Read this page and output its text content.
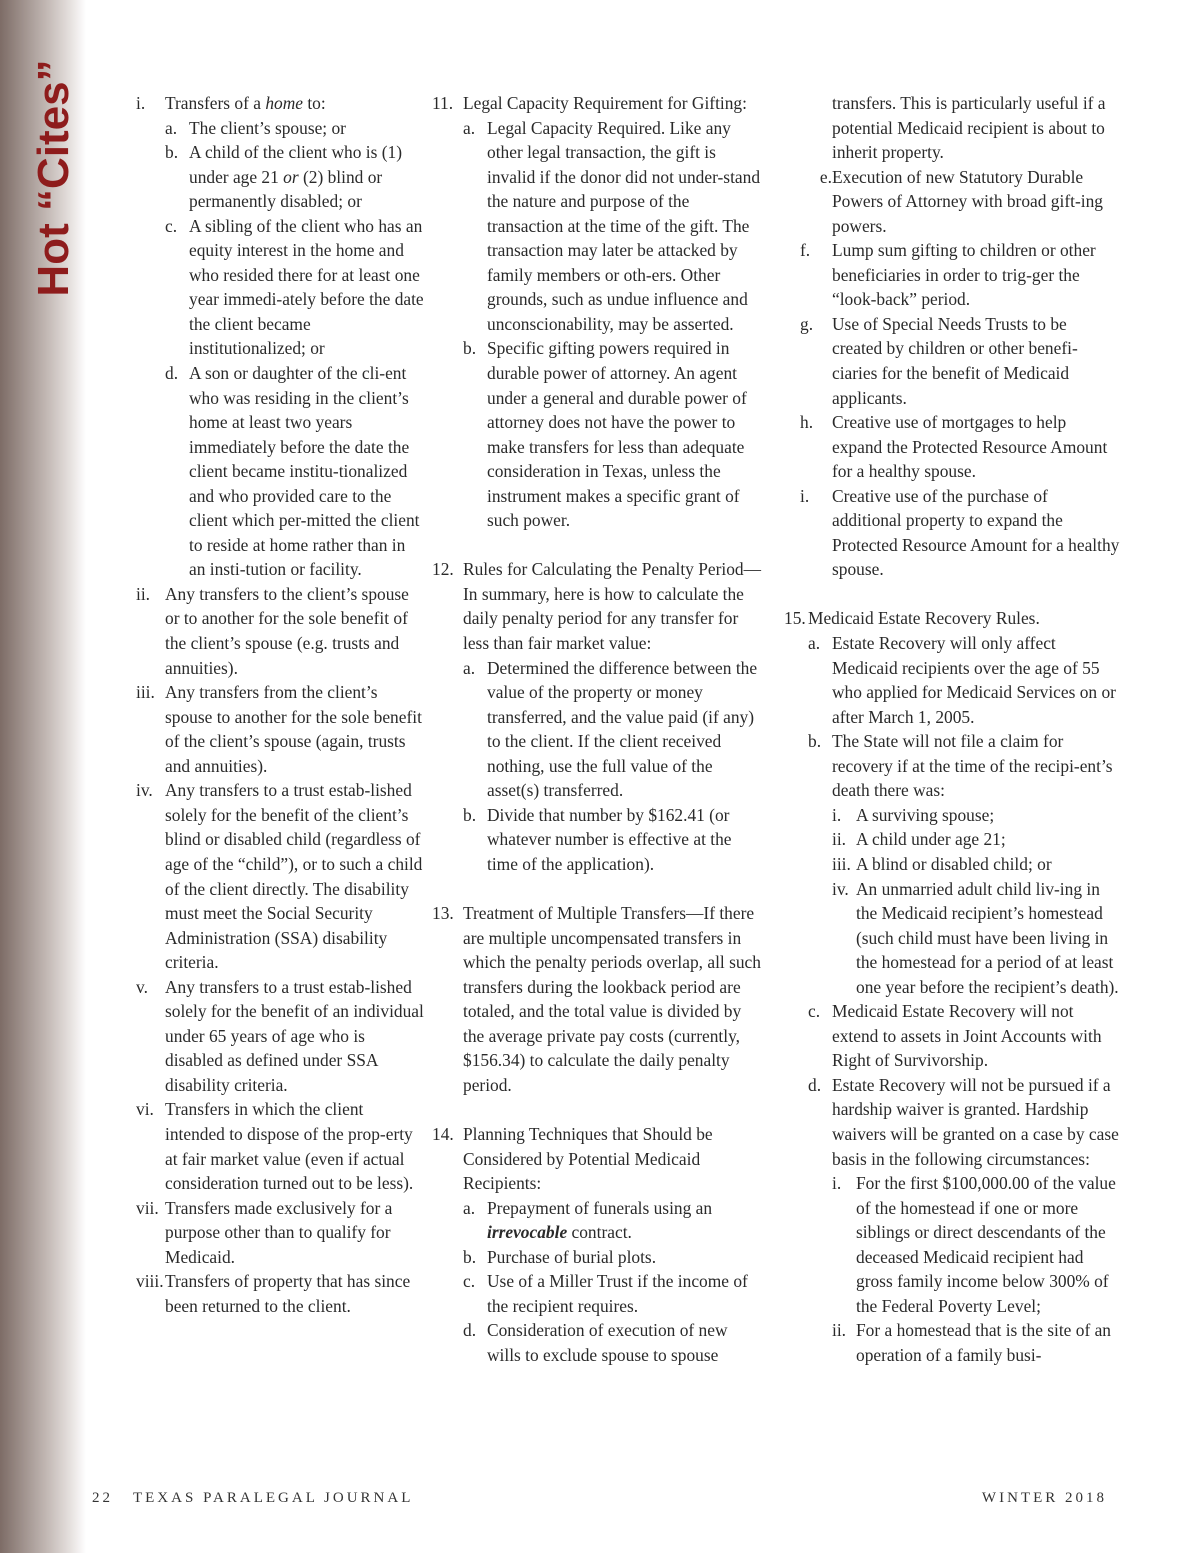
Hot “Cites”	i.	Transfers of a home to:
a. The client’s spouse; or
b. A child of the client who is (1) under age 21 or (2) blind or permanently disabled; or
c. A sibling of the client who has an equity interest in the home and who resided there for at least one year immedi-ately before the date the client became institutionalized; or
d. A son or daughter of the cli-ent who was residing in the client’s home at least two years immediately before the date the client became institu-tionalized and who provided care to the client which per-mitted the client to reside at home rather than in an insti-tution or facility.
ii. Any transfers to the client’s spouse or to another for the sole benefit of the client’s spouse (e.g. trusts and annuities).
iii. Any transfers from the client’s spouse to another for the sole benefit of the client’s spouse (again, trusts and annuities).
iv. Any transfers to a trust estab-lished solely for the benefit of the client’s blind or disabled child (regardless of age of the “child”), or to such a child of the client directly. The disability must meet the Social Security Administration (SSA) disability criteria.
v. Any transfers to a trust estab-lished solely for the benefit of an individual under 65 years of age who is disabled as defined under SSA disability criteria.
vi. Transfers in which the client intended to dispose of the prop-erty at fair market value (even if actual consideration turned out to be less).
vii. Transfers made exclusively for a purpose other than to qualify for Medicaid.
viii. Transfers of property that has since been returned to the client.
11. Legal Capacity Requirement for Gifting:
a. Legal Capacity Required. Like any other legal transaction, the gift is invalid if the donor did not under-stand the nature and purpose of the transaction at the time of the gift. The transaction may later be attacked by family members or oth-ers. Other grounds, such as undue influence and unconscionability, may be asserted.
b. Specific gifting powers required in durable power of attorney. An agent under a general and durable power of attorney does not have the power to make transfers for less than adequate consideration in Texas, unless the instrument makes a specific grant of such power.
12. Rules for Calculating the Penalty Period—In summary, here is how to calculate the daily penalty period for any transfer for less than fair market value:
a. Determined the difference between the value of the property or money transferred, and the value paid (if any) to the client. If the client received nothing, use the full value of the asset(s) transferred.
b. Divide that number by $162.41 (or whatever number is effective at the time of the application).
13. Treatment of Multiple Transfers—If there are multiple uncompensated transfers in which the penalty periods overlap, all such transfers during the lookback period are totaled, and the total value is divided by the average private pay costs (currently, $156.34) to calculate the daily penalty period.
14. Planning Techniques that Should be Considered by Potential Medicaid Recipients:
a. Prepayment of funerals using an irrevocable contract.
b. Purchase of burial plots.
c. Use of a Miller Trust if the income of the recipient requires.
d. Consideration of execution of new wills to exclude spouse to spouse
transfers. This is particularly useful if a potential Medicaid recipient is about to inherit property.
e. Execution of new Statutory Durable Powers of Attorney with broad gift-ing powers.
f.	Lump sum gifting to children or other beneficiaries in order to trig-ger the “look-back” period.
g.	Use of Special Needs Trusts to be created by children or other benefi-ciaries for the benefit of Medicaid applicants.
h.	Creative use of mortgages to help expand the Protected Resource Amount for a healthy spouse.
i.	Creative use of the purchase of additional property to expand the Protected Resource Amount for a healthy spouse.
15. Medicaid Estate Recovery Rules.
a. Estate Recovery will only affect Medicaid recipients over the age of 55 who applied for Medicaid Services on or after March 1, 2005.
b. The State will not file a claim for recovery if at the time of the recipi-ent’s death there was:
i. A surviving spouse;
ii. A child under age 21;
iii. A blind or disabled child; or
iv. An unmarried adult child liv-ing in the Medicaid recipient’s homestead (such child must have been living in the homestead for a period of at least one year before the recipient’s death).
c. Medicaid Estate Recovery will not extend to assets in Joint Accounts with Right of Survivorship.
d. Estate Recovery will not be pursued if a hardship waiver is granted. Hardship waivers will be granted on a case by case basis in the following circumstances:
i. For the first $100,000.00 of the value of the homestead if one or more siblings or direct descendants of the deceased Medicaid recipient had gross family income below 300% of the Federal Poverty Level;
ii. For a homestead that is the site of an operation of a family busi-
22 TEXAS PARALEGAL JOURNAL	WINTER 2018
